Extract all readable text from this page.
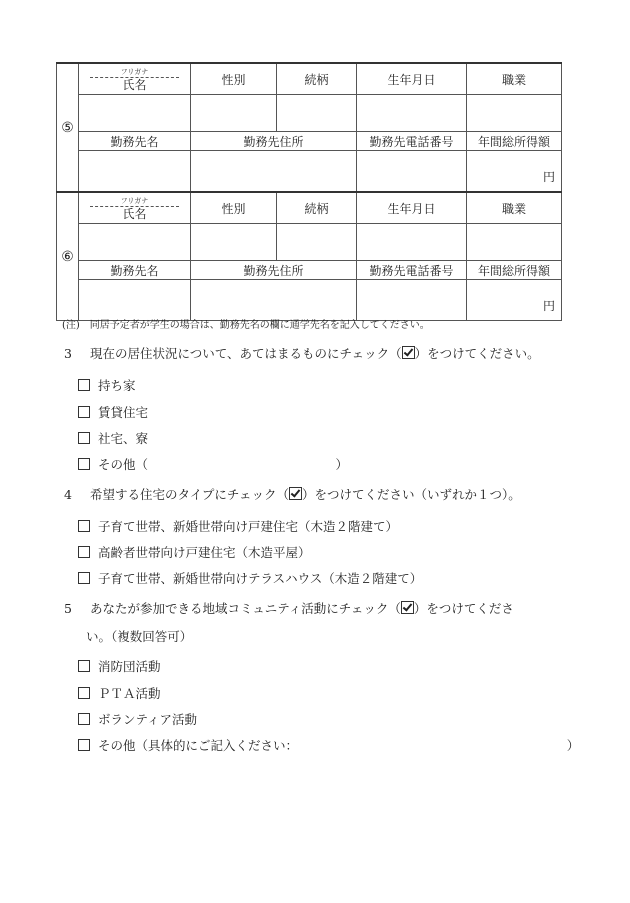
⑤	フリガナ
氏名	性別	続柄	生年月日	職業

	勤務先名	勤務先住所		勤務先電話番号	年間総所得額
					円
⑥	フリガナ
氏名	性別	続柄	生年月日	職業

	勤務先名	勤務先住所		勤務先電話番号	年間総所得額
					円
(注)　同居予定者が学生の場合は、勤務先名の欄に通学先名を記入してください。
3 現在の居住状況について、あてはまるものにチェック（ ）をつけてください。
持ち家
賃貸住宅
社宅、寮
その他（　　　　　　　　　　　　　　　）
4 希望する住宅のタイプにチェック（ ）をつけてください（いずれか１つ）。
子育て世帯、新婚世帯向け戸建住宅（木造２階建て）
高齢者世帯向け戸建住宅（木造平屋）
子育て世帯、新婚世帯向けテラスハウス（木造２階建て）
5 あなたが参加できる地域コミュニティ活動にチェック（ ）をつけてくださ
い。（複数回答可）
消防団活動
ＰＴＡ活動
ボランティア活動
その他（具体的にご記入ください：　　　　　　　　　　　　　　　　　　　　　　）
